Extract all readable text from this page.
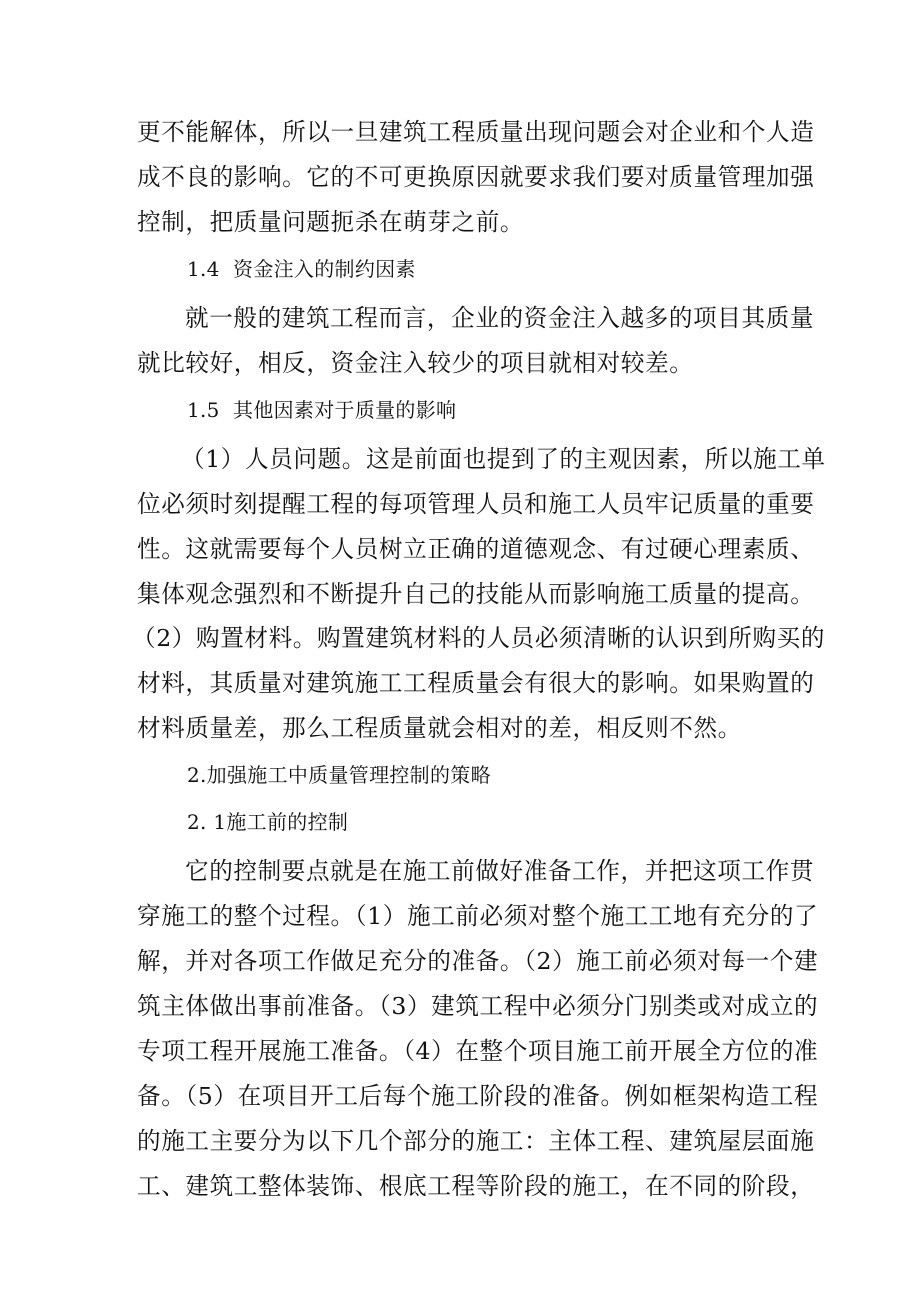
更不能解体，所以一旦建筑工程质量出现问题会对企业和个人造
成不良的影响。它的不可更换原因就要求我们要对质量管理加强
控制，把质量问题扼杀在萌芽之前。
1.4  资金注入的制约因素
就一般的建筑工程而言，企业的资金注入越多的项目其质量
就比较好，相反，资金注入较少的项目就相对较差。
1.5  其他因素对于质量的影响
（1）人员问题。这是前面也提到了的主观因素，所以施工单
位必须时刻提醒工程的每项管理人员和施工人员牢记质量的重要
性。这就需要每个人员树立正确的道德观念、有过硬心理素质、
集体观念强烈和不断提升自己的技能从而影响施工质量的提高。
（2）购置材料。购置建筑材料的人员必须清晰的认识到所购买的
材料，其质量对建筑施工工程质量会有很大的影响。如果购置的
材料质量差，那么工程质量就会相对的差，相反则不然。
2.加强施工中质量管理控制的策略
2. 1施工前的控制
它的控制要点就是在施工前做好准备工作，并把这项工作贯
穿施工的整个过程。（1）施工前必须对整个施工工地有充分的了
解，并对各项工作做足充分的准备。（2）施工前必须对每一个建
筑主体做出事前准备。（3）建筑工程中必须分门别类或对成立的
专项工程开展施工准备。（4）在整个项目施工前开展全方位的准
备。（5）在项目开工后每个施工阶段的准备。例如框架构造工程
的施工主要分为以下几个部分的施工：主体工程、建筑屋层面施
工、建筑工整体装饰、根底工程等阶段的施工，在不同的阶段，
